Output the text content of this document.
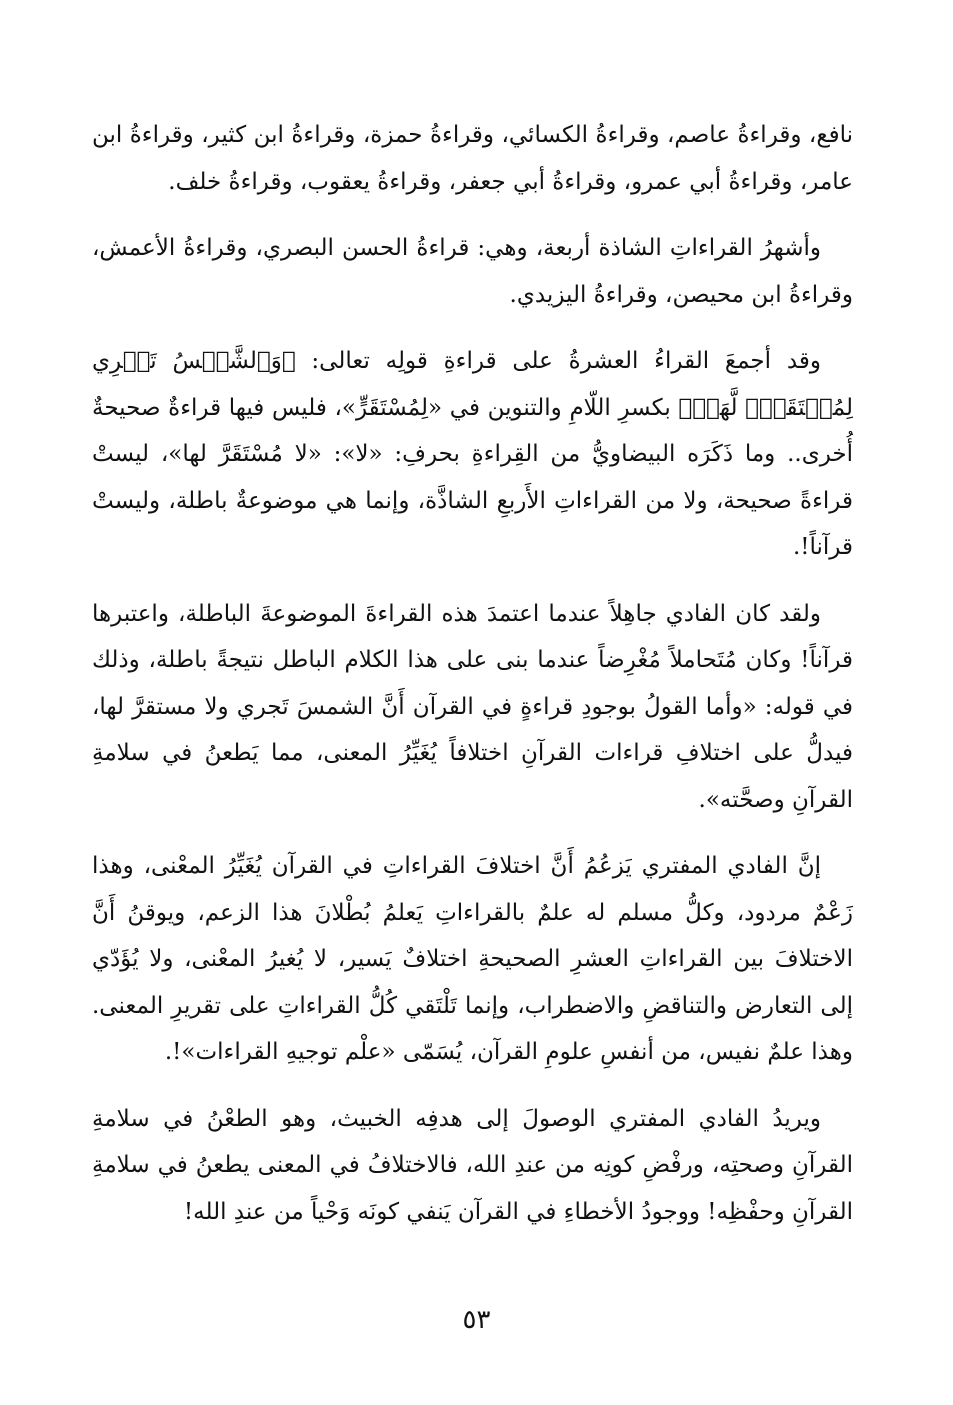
نافع، وقراءةُ عاصم، وقراءةُ الكسائي، وقراءةُ حمزة، وقراءةُ ابن كثير، وقراءةُ ابن عامر، وقراءةُ أبي عمرو، وقراءةُ أبي جعفر، وقراءةُ يعقوب، وقراءةُ خلف.

وأشهرُ القراءاتِ الشاذة أربعة، وهي: قراءةُ الحسن البصري، وقراءةُ الأعمش، وقراءةُ ابن محيصن، وقراءةُ اليزيدي.

وقد أجمعَ القراءُ العشرةُ على قراءةِ قولِه تعالى: ﴿وَٱلشَّمۡسُ تَجۡرِي لِمُسۡتَقَرّٖ لَّهَاۚ﴾ بكسرِ اللّامِ والتنوين في «لِمُسْتَقَرٍّ»، فليس فيها قراءةٌ صحيحةٌ أُخرى.. وما ذَكَرَه البيضاويُّ من القِراءةِ بحرفِ: «لا»: «لا مُسْتَقَرَّ لها»، ليستْ قراءةً صحيحة، ولا من القراءاتِ الأَربعِ الشاذَّة، وإنما هي موضوعةٌ باطلة، وليستْ قرآناً!.

ولقد كان الفادي جاهِلاً عندما اعتمدَ هذه القراءةَ الموضوعةَ الباطلة، واعتبرها قرآناً! وكان مُتَحاملاً مُغْرِضاً عندما بنى على هذا الكلام الباطل نتيجةً باطلة، وذلك في قوله: «وأما القولُ بوجودِ قراءةٍ في القرآن أَنَّ الشمسَ تَجري ولا مستقرَّ لها، فيدلُّ على اختلافِ قراءات القرآنِ اختلافاً يُغَيِّرُ المعنى، مما يَطعنُ في سلامةِ القرآنِ وصحَّته».

إنَّ الفادي المفتري يَزعُمُ أَنَّ اختلافَ القراءاتِ في القرآن يُغَيِّرُ المعْنى، وهذا زَعْمٌ مردود، وكلُّ مسلم له علمٌ بالقراءاتِ يَعلمُ بُطْلانَ هذا الزعم، ويوقنُ أَنَّ الاختلافَ بين القراءاتِ العشرِ الصحيحةِ اختلافٌ يَسير، لا يُغيرُ المعْنى، ولا يُؤَدّي إلى التعارض والتناقضِ والاضطراب، وإنما تَلْتَقي كُلُّ القراءاتِ على تقريرِ المعنى. وهذا علمٌ نفيس، من أنفسِ علومِ القرآن، يُسَمّى «علْم توجيهِ القراءات»!.

ويريدُ الفادي المفتري الوصولَ إلى هدفِه الخبيث، وهو الطعْنُ في سلامةِ القرآنِ وصحتِه، ورفْضِ كونِه من عندِ الله، فالاختلافُ في المعنى يطعنُ في سلامةِ القرآنِ وحفْظِه! ووجودُ الأخطاءِ في القرآن يَنفي كونَه وَحْياً من عندِ الله!

٥٣
